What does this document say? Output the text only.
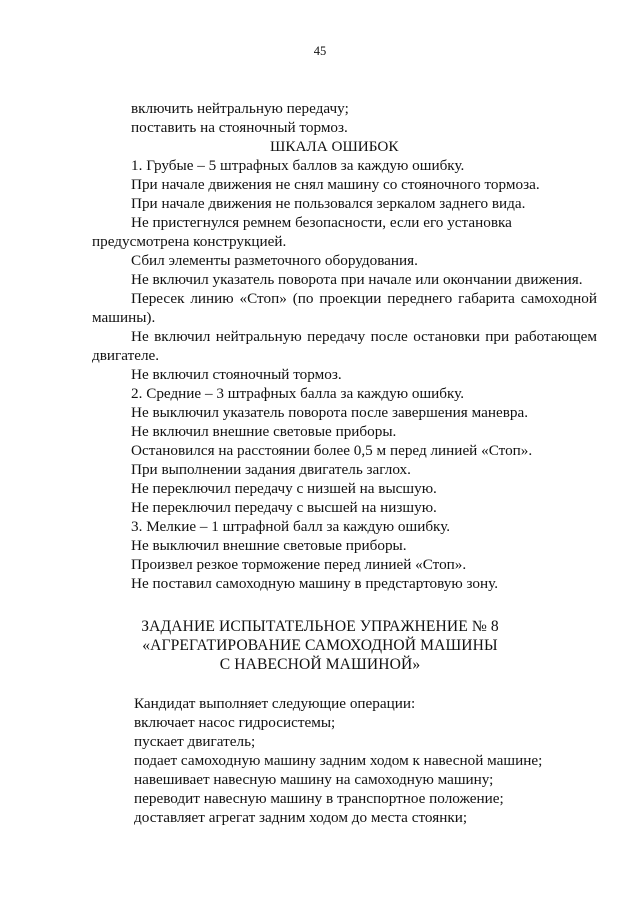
45
включить нейтральную передачу;
поставить на стояночный тормоз.
ШКАЛА ОШИБОК
1. Грубые – 5 штрафных баллов за каждую ошибку.
При начале движения не снял машину со стояночного тормоза.
При начале движения не пользовался зеркалом заднего вида.
Не пристегнулся ремнем безопасности, если его установка
предусмотрена конструкцией.
Сбил элементы разметочного оборудования.
Не включил указатель поворота при начале или окончании движения.
Пересек линию «Стоп» (по проекции переднего габарита самоходной
машины).
Не включил нейтральную передачу после остановки при работающем
двигателе.
Не включил стояночный тормоз.
2. Средние – 3 штрафных балла за каждую ошибку.
Не выключил указатель поворота после завершения маневра.
Не включил внешние световые приборы.
Остановился на расстоянии более 0,5 м перед линией «Стоп».
При выполнении задания двигатель заглох.
Не переключил передачу с низшей на высшую.
Не переключил передачу с высшей на низшую.
3. Мелкие – 1 штрафной балл за каждую ошибку.
Не выключил внешние световые приборы.
Произвел резкое торможение перед линией «Стоп».
Не поставил самоходную машину в предстартовую зону.
ЗАДАНИЕ ИСПЫТАТЕЛЬНОЕ УПРАЖНЕНИЕ № 8
«АГРЕГАТИРОВАНИЕ САМОХОДНОЙ МАШИНЫ
С НАВЕСНОЙ МАШИНОЙ»
Кандидат выполняет следующие операции:
включает насос гидросистемы;
пускает двигатель;
подает самоходную машину задним ходом к навесной машине;
навешивает навесную машину на самоходную машину;
переводит навесную машину в транспортное положение;
доставляет агрегат задним ходом до места стоянки;
